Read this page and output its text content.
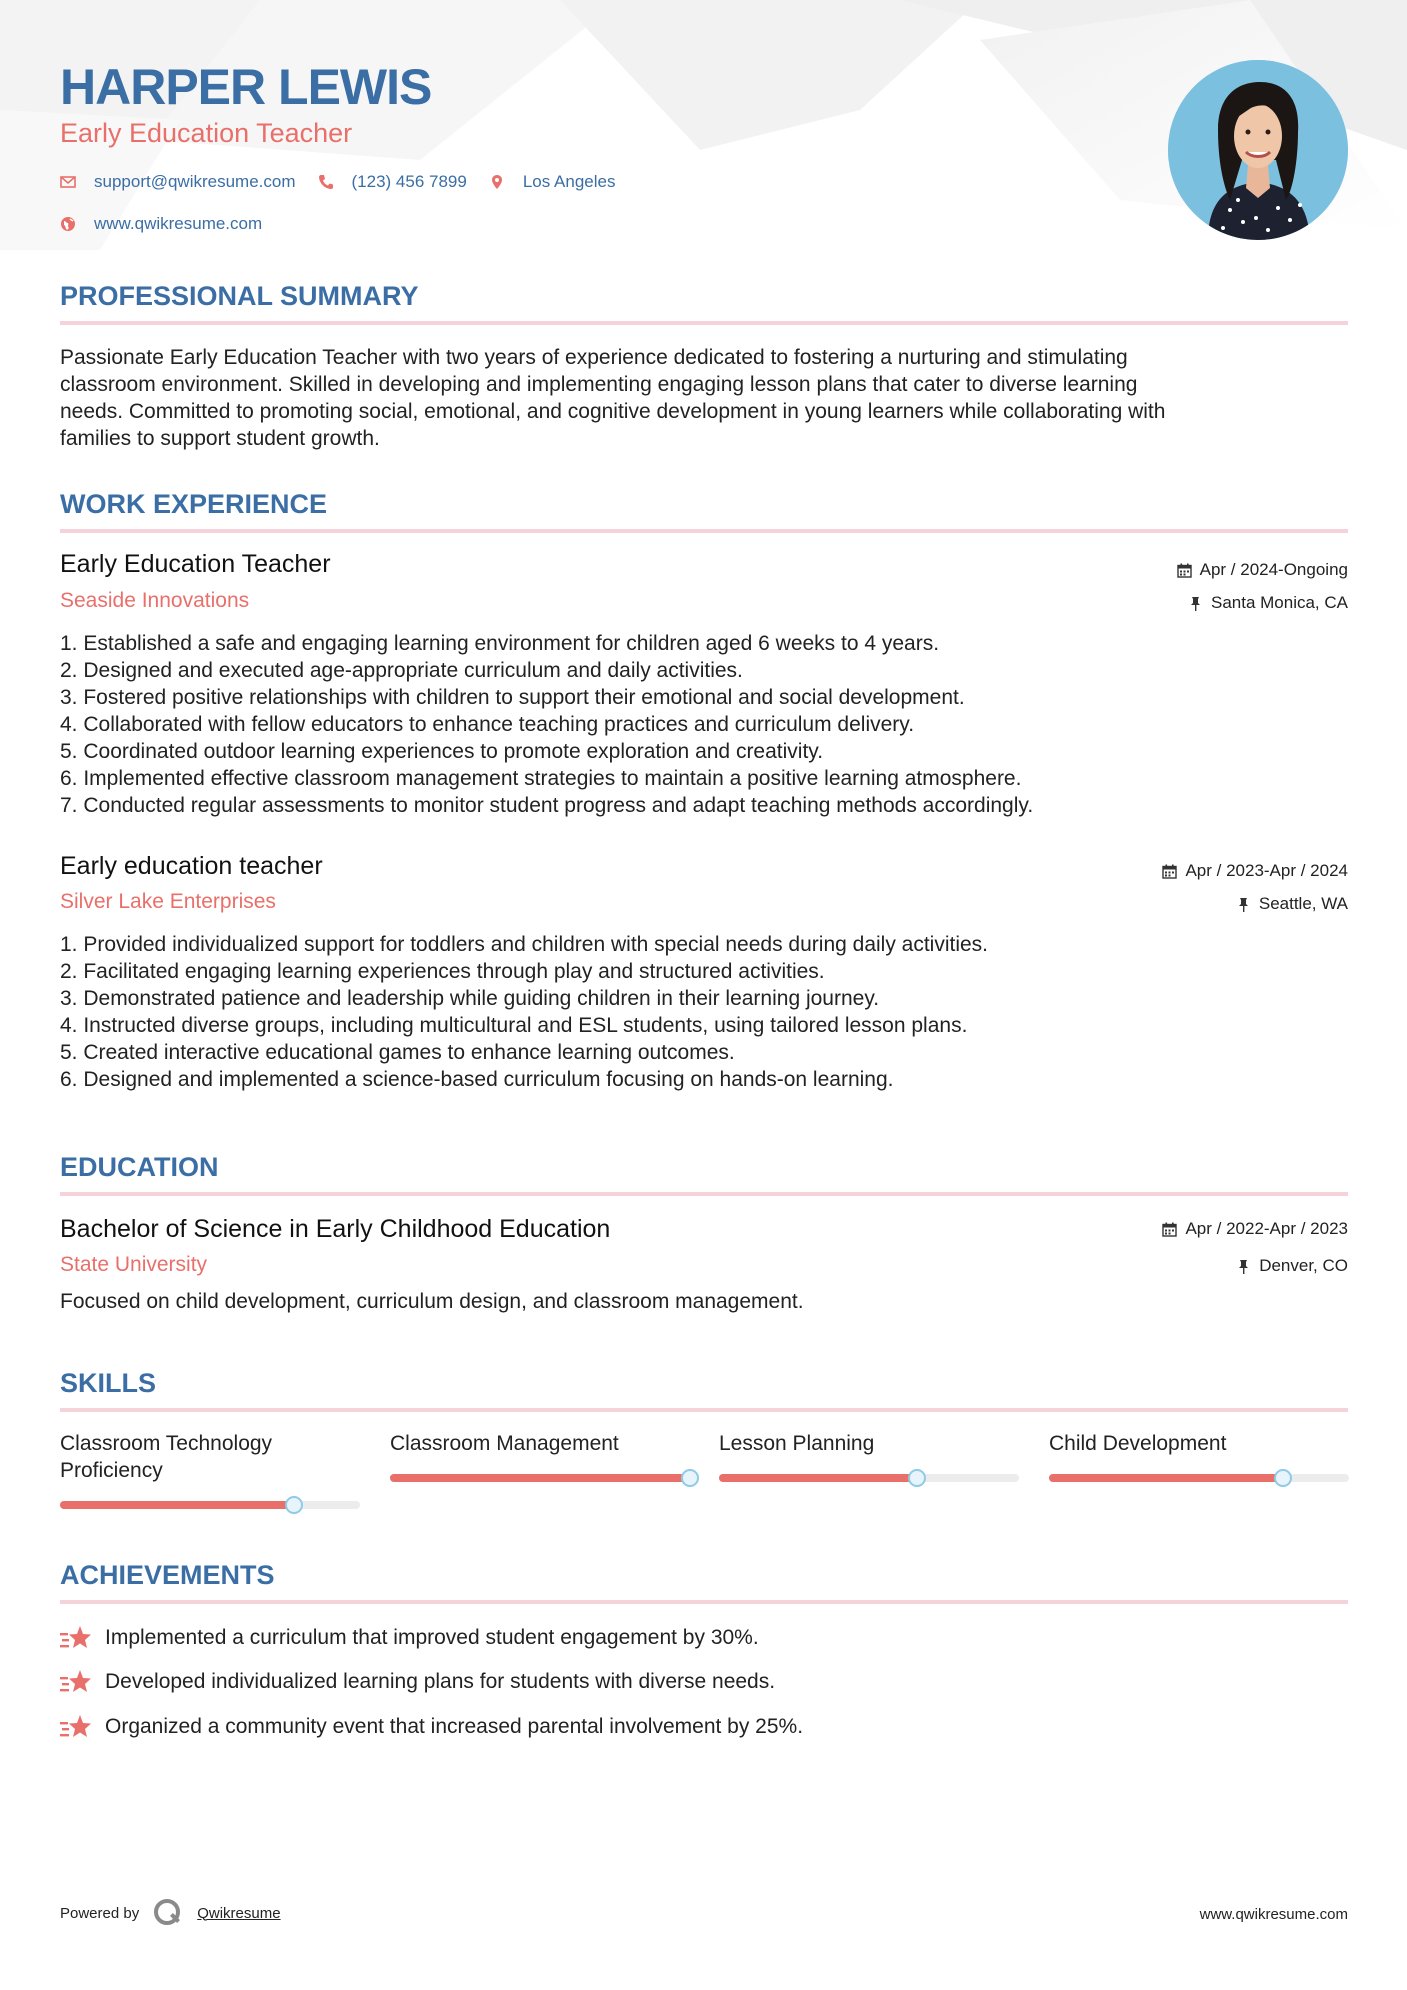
HARPER LEWIS
Early Education Teacher
support@qwikresume.com	(123) 456 7899	Los Angeles
www.qwikresume.com
PROFESSIONAL SUMMARY
Passionate Early Education Teacher with two years of experience dedicated to fostering a nurturing and stimulating
classroom environment. Skilled in developing and implementing engaging lesson plans that cater to diverse learning
needs. Committed to promoting social, emotional, and cognitive development in young learners while collaborating with
families to support student growth.
WORK EXPERIENCE
Early Education Teacher
Seaside Innovations
Apr / 2024-Ongoing
Santa Monica, CA
1. Established a safe and engaging learning environment for children aged 6 weeks to 4 years.
2. Designed and executed age-appropriate curriculum and daily activities.
3. Fostered positive relationships with children to support their emotional and social development.
4. Collaborated with fellow educators to enhance teaching practices and curriculum delivery.
5. Coordinated outdoor learning experiences to promote exploration and creativity.
6. Implemented effective classroom management strategies to maintain a positive learning atmosphere.
7. Conducted regular assessments to monitor student progress and adapt teaching methods accordingly.
Early education teacher
Silver Lake Enterprises
Apr / 2023-Apr / 2024
Seattle, WA
1. Provided individualized support for toddlers and children with special needs during daily activities.
2. Facilitated engaging learning experiences through play and structured activities.
3. Demonstrated patience and leadership while guiding children in their learning journey.
4. Instructed diverse groups, including multicultural and ESL students, using tailored lesson plans.
5. Created interactive educational games to enhance learning outcomes.
6. Designed and implemented a science-based curriculum focusing on hands-on learning.
EDUCATION
Bachelor of Science in Early Childhood Education
State University
Apr / 2022-Apr / 2023
Denver, CO
Focused on child development, curriculum design, and classroom management.
SKILLS
Classroom Technology Proficiency
Classroom Management	Lesson Planning	Child Development
ACHIEVEMENTS
Implemented a curriculum that improved student engagement by 30%.
Developed individualized learning plans for students with diverse needs.
Organized a community event that increased parental involvement by 25%.
Powered by	Qwikresume	www.qwikresume.com
